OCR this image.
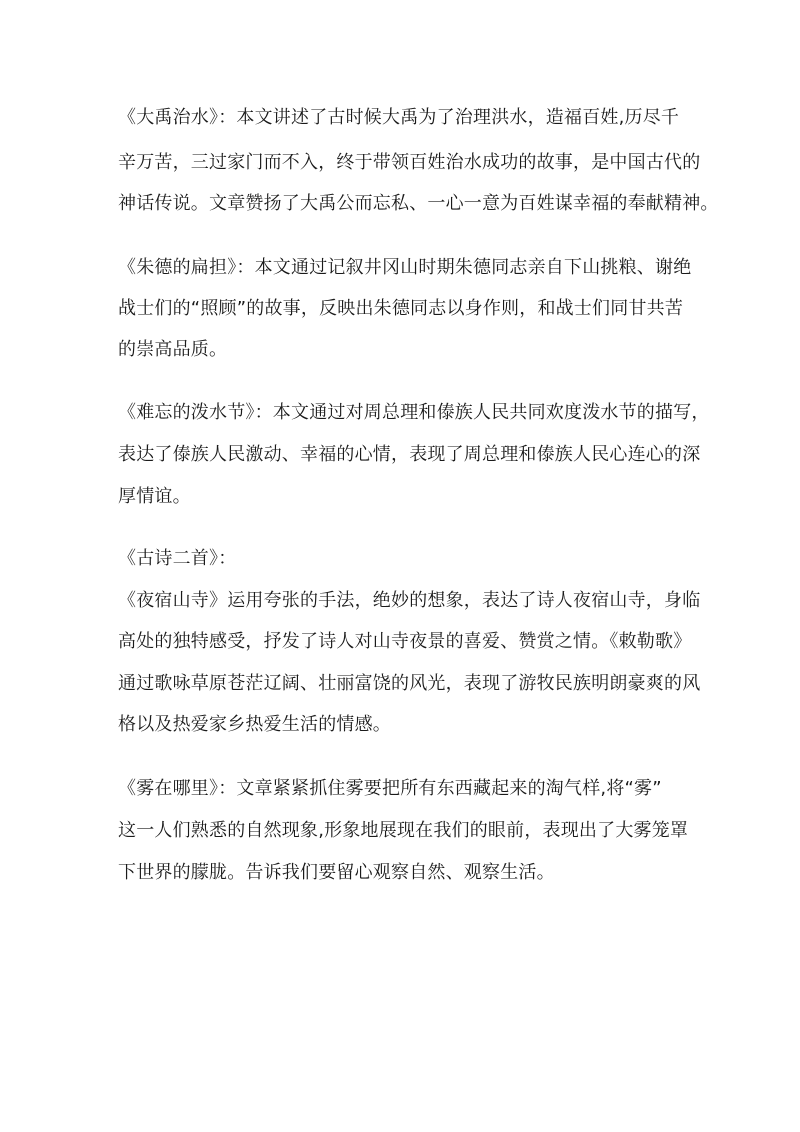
《大禹治水》：本文讲述了古时候大禹为了治理洪水，造福百姓,历尽千
辛万苦，三过家门而不入，终于带领百姓治水成功的故事，是中国古代的
神话传说。文章赞扬了大禹公而忘私、一心一意为百姓谋幸福的奉献精神。
《朱德的扁担》：本文通过记叙井冈山时期朱德同志亲自下山挑粮、谢绝
战士们的“照顾”的故事，反映出朱德同志以身作则，和战士们同甘共苦
的崇高品质。
《难忘的泼水节》：本文通过对周总理和傣族人民共同欢度泼水节的描写，
表达了傣族人民激动、幸福的心情，表现了周总理和傣族人民心连心的深
厚情谊。
《古诗二首》：
《夜宿山寺》运用夸张的手法，绝妙的想象，表达了诗人夜宿山寺，身临
高处的独特感受，抒发了诗人对山寺夜景的喜爱、赞赏之情。《敕勒歌》
通过歌咏草原苍茫辽阔、壮丽富饶的风光，表现了游牧民族明朗豪爽的风
格以及热爱家乡热爱生活的情感。
《雾在哪里》：文章紧紧抓住雾要把所有东西藏起来的淘气样,将“雾”
这一人们熟悉的自然现象,形象地展现在我们的眼前，表现出了大雾笼罩
下世界的朦胧。告诉我们要留心观察自然、观察生活。
